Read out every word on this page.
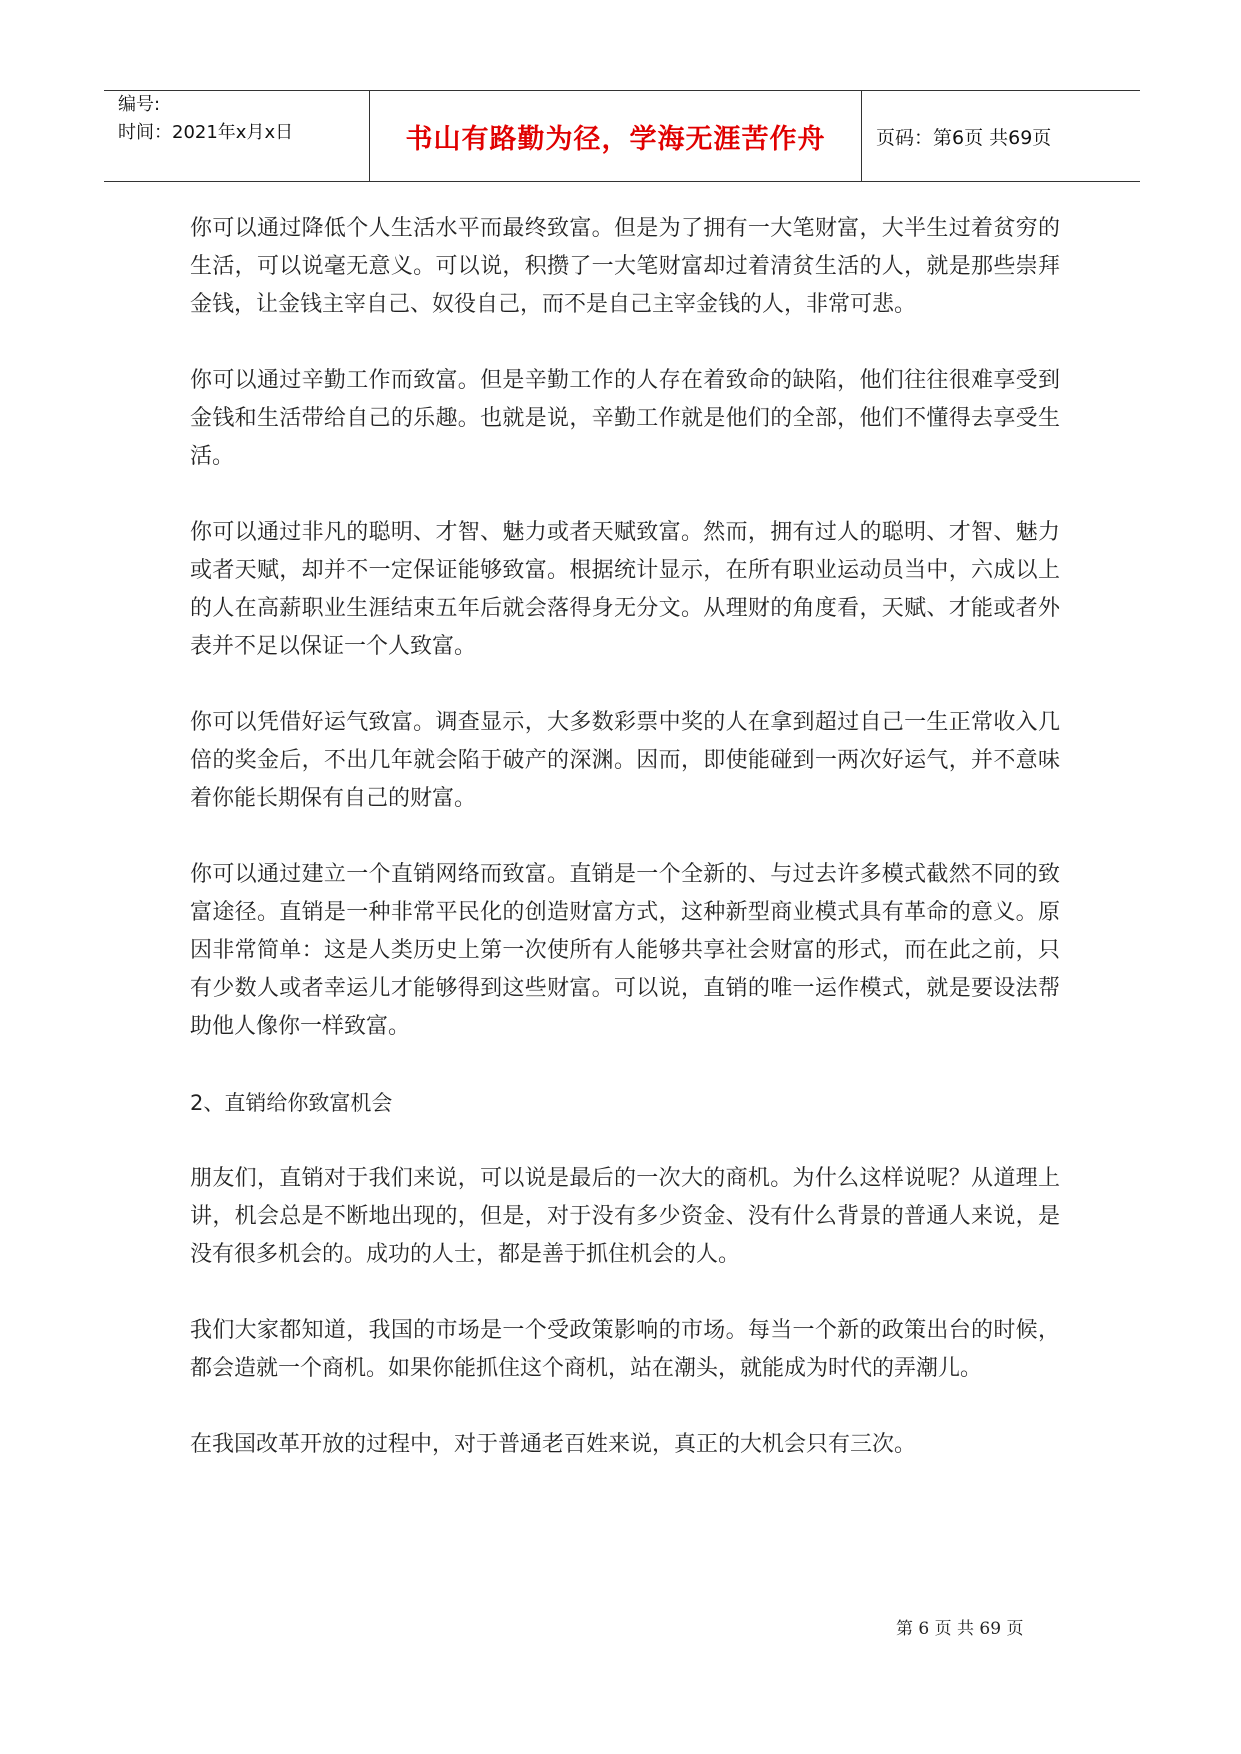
编号:
时间：2021年x月x日	书山有路勤为径，学海无涯苦作舟	页码：第6页 共69页

你可以通过降低个人生活水平而最终致富。但是为了拥有一大笔财富，大半生过着贫穷的生活，可以说毫无意义。可以说，积攒了一大笔财富却过着清贫生活的人，就是那些崇拜金钱，让金钱主宰自己、奴役自己，而不是自己主宰金钱的人，非常可悲。

你可以通过辛勤工作而致富。但是辛勤工作的人存在着致命的缺陷，他们往往很难享受到金钱和生活带给自己的乐趣。也就是说，辛勤工作就是他们的全部，他们不懂得去享受生活。

你可以通过非凡的聪明、才智、魅力或者天赋致富。然而，拥有过人的聪明、才智、魅力或者天赋，却并不一定保证能够致富。根据统计显示，在所有职业运动员当中，六成以上的人在高薪职业生涯结束五年后就会落得身无分文。从理财的角度看，天赋、才能或者外表并不足以保证一个人致富。

你可以凭借好运气致富。调查显示，大多数彩票中奖的人在拿到超过自己一生正常收入几倍的奖金后，不出几年就会陷于破产的深渊。因而，即使能碰到一两次好运气，并不意味着你能长期保有自己的财富。

你可以通过建立一个直销网络而致富。直销是一个全新的、与过去许多模式截然不同的致富途径。直销是一种非常平民化的创造财富方式，这种新型商业模式具有革命的意义。原因非常简单：这是人类历史上第一次使所有人能够共享社会财富的形式，而在此之前，只有少数人或者幸运儿才能够得到这些财富。可以说，直销的唯一运作模式，就是要设法帮助他人像你一样致富。

2、直销给你致富机会

朋友们，直销对于我们来说，可以说是最后的一次大的商机。为什么这样说呢？从道理上讲，机会总是不断地出现的，但是，对于没有多少资金、没有什么背景的普通人来说，是没有很多机会的。成功的人士，都是善于抓住机会的人。

我们大家都知道，我国的市场是一个受政策影响的市场。每当一个新的政策出台的时候，都会造就一个商机。如果你能抓住这个商机，站在潮头，就能成为时代的弄潮儿。

在我国改革开放的过程中，对于普通老百姓来说，真正的大机会只有三次。

第 6 页 共 69 页
